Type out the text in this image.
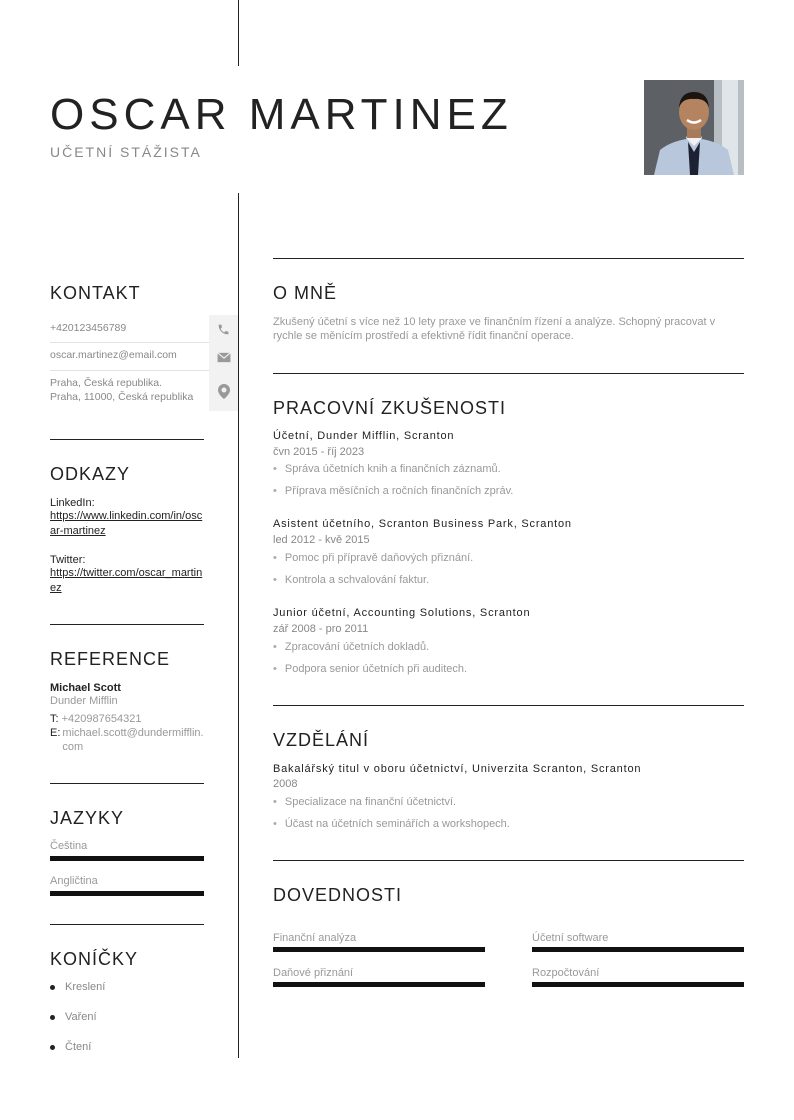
OSCAR MARTINEZ
UČETNÍ STÁŽISTA
KONTAKT
+420123456789
oscar.martinez@email.com
Praha, Česká republika.
Praha, 11000, Česká republika
ODKAZY
LinkedIn:
https://www.linkedin.com/in/oscar-martinez
Twitter:
https://twitter.com/oscar_martinez
REFERENCE
Michael Scott
Dunder Mifflin
T: +420987654321
E: michael.scott@dundermifflin.com
JAZYKY
Čeština
Angličtina
KONÍČKY
Kreslení
Vaření
Čtení
O MNĚ
Zkušený účetní s více než 10 lety praxe ve finančním řízení a analýze. Schopný pracovat v rychle se měnícím prostředí a efektivně řídit finanční operace.
PRACOVNÍ ZKUŠENOSTI
Účetní, Dunder Mifflin, Scranton
čvn 2015 - říj 2023
• Správa účetních knih a finančních záznamů.
• Příprava měsíčních a ročních finančních zpráv.
Asistent účetního, Scranton Business Park, Scranton
led 2012 - kvě 2015
• Pomoc při přípravě daňových přiznání.
• Kontrola a schvalování faktur.
Junior účetní, Accounting Solutions, Scranton
zář 2008 - pro 2011
• Zpracování účetních dokladů.
• Podpora senior účetních při auditech.
VZDĚLÁNÍ
Bakalářský titul v oboru účetnictví, Univerzita Scranton, Scranton
2008
• Specializace na finanční účetnictví.
• Účast na účetních seminářích a workshopech.
DOVEDNOSTI
Finanční analýza	Účetní software
Daňové přiznání	Rozpočtování
